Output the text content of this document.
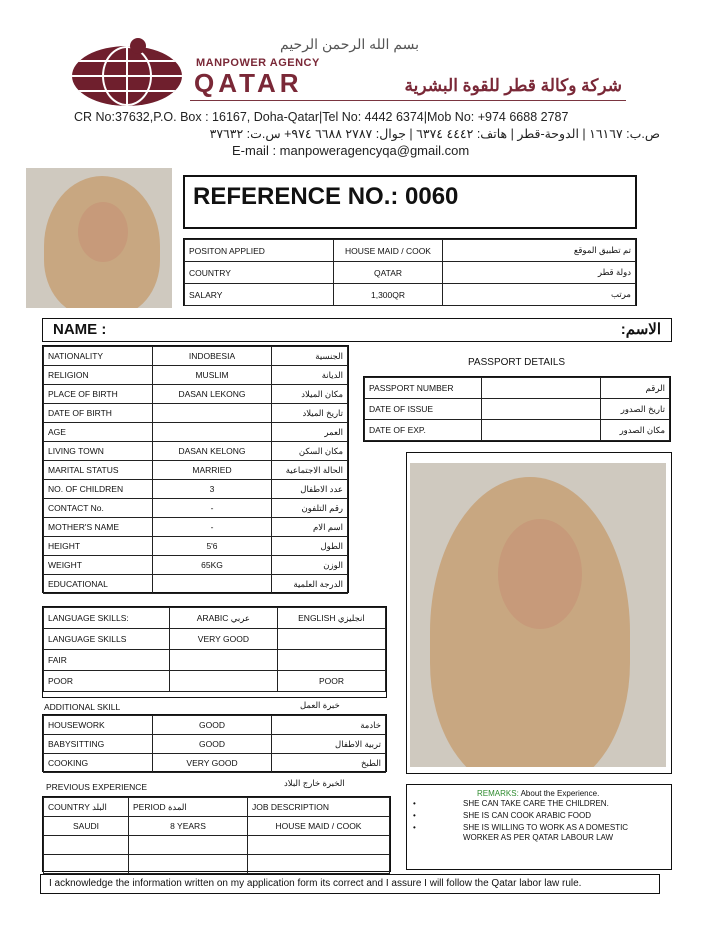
بسم الله الرحمن الرحيم
MANPOWER AGENCY
QATAR	شركة وكالة قطر للقوة البشرية
CR No:37632,P.O. Box : 16167, Doha-Qatar|Tel No: 4442 6374|Mob No: +974 6688 2787
ص.ب: ١٦١٦٧ | الدوحة-قطر | هاتف: ٤٤٤٢ ٦٣٧٤ | جوال: ٢٧٨٧ ٦٦٨٨ ٩٧٤+ س.ت: ٣٧٦٣٢
E-mail : manpoweragencyqa@gmail.com
REFERENCE NO.: 0060
POSITON APPLIED	HOUSE MAID / COOK	تم تطبيق الموقع
COUNTRY	QATAR	دولة قطر
SALARY	1,300QR	مرتب
NAME :	الاسم:
NATIONALITY	INDOBESIA	الجنسية
RELIGION	MUSLIM	الديانة
PLACE OF BIRTH	DASAN LEKONG	مكان الميلاد
DATE OF BIRTH		تاريخ الميلاد
AGE		العمر
LIVING TOWN	DASAN KELONG	مكان السكن
MARITAL STATUS	MARRIED	الحالة الاجتماعية
NO. OF CHILDREN	3	عدد الاطفال
CONTACT No.	-	رقم التلفون
MOTHER'S NAME	-	اسم الام
HEIGHT	5'6	الطول
WEIGHT	65KG	الوزن
EDUCATIONAL		الدرجة العلمية
PASSPORT DETAILS
PASSPORT NUMBER		الرقم
DATE OF ISSUE		تاريخ الصدور
DATE OF EXP.		مكان الصدور
LANGUAGE SKILLS:	ARABIC عربي	ENGLISH انجليزي
LANGUAGE SKILLS	VERY GOOD	
FAIR		
POOR		POOR
ADDITIONAL SKILL	خبرة العمل
HOUSEWORK	GOOD	خادمة
BABYSITTING	GOOD	تربية الاطفال
COOKING	VERY GOOD	الطبخ
PREVIOUS EXPERIENCE	الخبرة خارج البلاد
COUNTRY البلد	PERIOD المدة	JOB DESCRIPTION
SAUDI	8 YEARS	HOUSE MAID / COOK

REMARKS: About the Experience.
•	SHE CAN TAKE CARE THE CHILDREN.
•	SHE IS CAN COOK ARABIC FOOD
•	SHE IS WILLING TO WORK AS A DOMESTIC WORKER AS PER QATAR LABOUR LAW
I acknowledge the information written on my application form its correct and I assure I will follow the Qatar labor law rule.
